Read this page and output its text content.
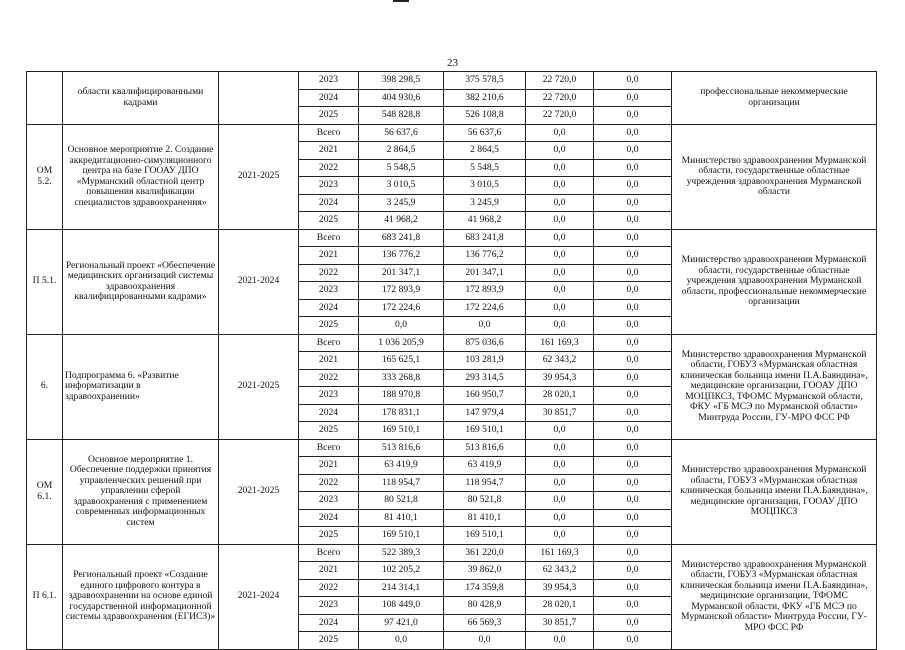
23
	области квалифицированными кадрами		2023	398 298,5	375 578,5	22 720,0	0,0	профессиональные некоммерческие организации
			2024	404 930,6	382 210,6	22 720,0	0,0	
			2025	548 828,8	526 108,8	22 720,0	0,0	
ОМ 5.2.	Основное мероприятие 2. Создание аккредитационно-симуляционного центра на базе ГООАУ ДПО «Мурманский областной центр повышения квалификации специалистов здравоохранения»	2021-2025	Всего	56 637,6	56 637,6	0,0	0,0	Министерство здравоохранения Мурманской области, государственные областные учреждения здравоохранения Мурманской области
			2021	2 864,5	2 864,5	0,0	0,0	
			2022	5 548,5	5 548,5	0,0	0,0	
			2023	3 010,5	3 010,5	0,0	0,0	
			2024	3 245,9	3 245,9	0,0	0,0	
			2025	41 968,2	41 968,2	0,0	0,0	
П 5.1.	Региональный проект «Обеспечение медицинских организаций системы здравоохранения квалифицированными кадрами»	2021-2024	Всего	683 241,8	683 241,8	0,0	0,0	Министерство здравоохранения Мурманской области, государственные областные учреждения здравоохранения Мурманской области, профессиональные некоммерческие организации
			2021	136 776,2	136 776,2	0,0	0,0	
			2022	201 347,1	201 347,1	0,0	0,0	
			2023	172 893,9	172 893,9	0,0	0,0	
			2024	172 224,6	172 224,6	0,0	0,0	
			2025	0,0	0,0	0,0	0,0	
6.	Подпрограмма 6. «Развитие информатизации в здравоохранении»	2021-2025	Всего	1 036 205,9	875 036,6	161 169,3	0,0	Министерство здравоохранения Мурманской области, ГОБУЗ «Мурманская областная клиническая больница имени П.А.Баяндина», медицинские организации, ГООАУ ДПО МОЦПКСЗ, ТФОМС Мурманской области, ФКУ «ГБ МСЭ по Мурманской области» Минтруда России, ГУ-МРО ФСС РФ
			2021	165 625,1	103 281,9	62 343,2	0,0	
			2022	333 268,8	293 314,5	39 954,3	0,0	
			2023	188 970,8	160 950,7	28 020,1	0,0	
			2024	178 831,1	147 979,4	30 851,7	0,0	
			2025	169 510,1	169 510,1	0,0	0,0	
ОМ 6.1.	Основное мероприятие 1. Обеспечение поддержки принятия управленческих решений при управлении сферой здравоохранения с применением современных информационных систем	2021-2025	Всего	513 816,6	513 816,6	0,0	0,0	Министерство здравоохранения Мурманской области, ГОБУЗ «Мурманская областная клиническая больница имени П.А.Баяндина», медицинские организации, ГООАУ ДПО МОЦПКСЗ
			2021	63 419,9	63 419,9	0,0	0,0	
			2022	118 954,7	118 954,7	0,0	0,0	
			2023	80 521,8	80 521,8	0,0	0,0	
			2024	81 410,1	81 410,1	0,0	0,0	
			2025	169 510,1	169 510,1	0,0	0,0	
П 6.1.	Региональный проект «Создание единого цифрового контура в здравоохранении на основе единой государственной информационной системы здравоохранения (ЕГИСЗ)»	2021-2024	Всего	522 389,3	361 220,0	161 169,3	0,0	Министерство здравоохранения Мурманской области, ГОБУЗ «Мурманская областная клиническая больница имени П.А.Баяндина», медицинские организации, ТФОМС Мурманской области, ФКУ «ГБ МСЭ по Мурманской области» Минтруда России, ГУ-МРО ФСС РФ
			2021	102 205,2	39 862,0	62 343,2	0,0	
			2022	214 314,1	174 359,8	39 954,3	0,0	
			2023	108 449,0	80 428,9	28 020,1	0,0	
			2024	97 421,0	66 569,3	30 851,7	0,0	
			2025	0,0	0,0	0,0	0,0	
